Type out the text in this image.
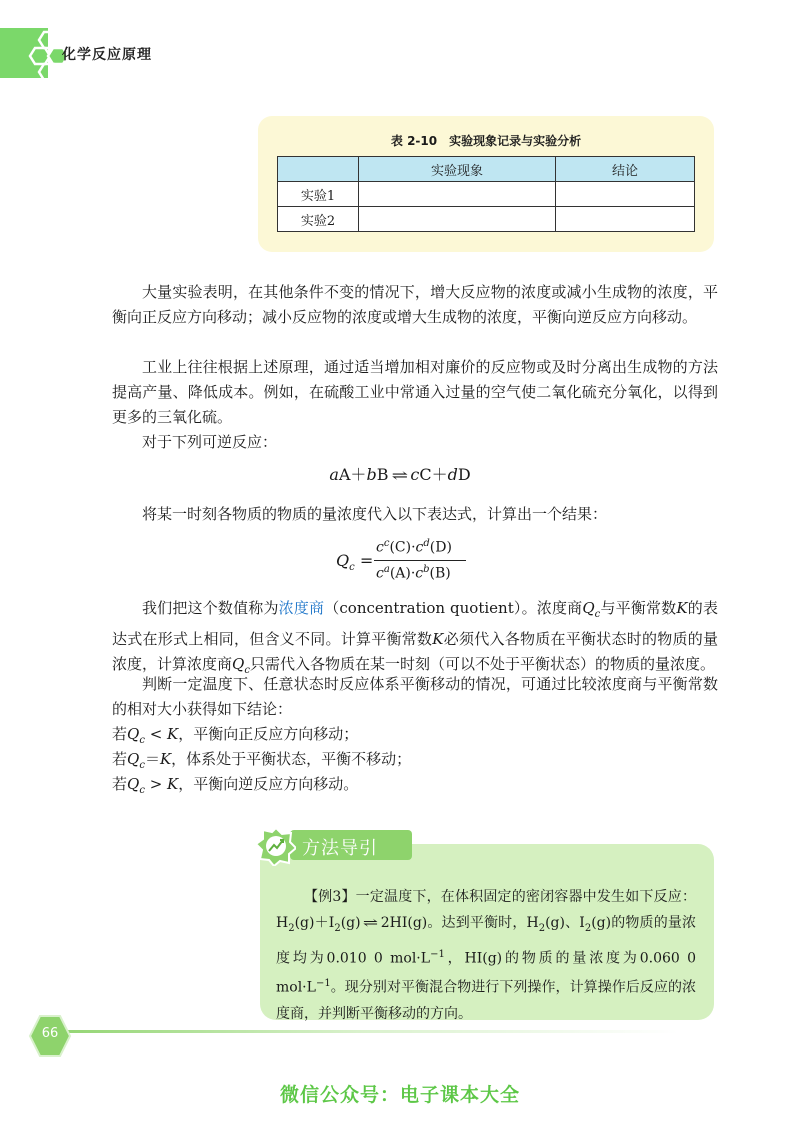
化学反应原理
表 2-10　实验现象记录与实验分析
	实验现象	结论
实验1		
实验2		
大量实验表明，在其他条件不变的情况下，增大反应物的浓度或减小生成物的浓度，平衡向正反应方向移动；减小反应物的浓度或增大生成物的浓度，平衡向逆反应方向移动。
工业上往往根据上述原理，通过适当增加相对廉价的反应物或及时分离出生成物的方法提高产量、降低成本。例如，在硫酸工业中常通入过量的空气使二氧化硫充分氧化，以得到更多的三氧化硫。
对于下列可逆反应：
aA＋bB ⇌ cC＋dD
将某一时刻各物质的物质的量浓度代入以下表达式，计算出一个结果：
$Q_c$ =
$c^c(C)\cdot c^d(D)$
$c^a(A)\cdot c^b(B)$
我们把这个数值称为浓度商（concentration quotient）。浓度商$Q_c$与平衡常数K的表达式在形式上相同，但含义不同。计算平衡常数K必须代入各物质在平衡状态时的物质的量浓度，计算浓度商$Q_c$只需代入各物质在某一时刻（可以不处于平衡状态）的物质的量浓度。
判断一定温度下、任意状态时反应体系平衡移动的情况，可通过比较浓度商与平衡常数的相对大小获得如下结论：
若$Q_c < K$，平衡向正反应方向移动；
若$Q_c=K$，体系处于平衡状态，平衡不移动；
若$Q_c > K$，平衡向逆反应方向移动。
方法导引
【例3】一定温度下，在体积固定的密闭容器中发生如下反应：$H_2(g)+I_2(g)$ ⇌ 2HI(g)。达到平衡时，$H_2(g)$、$I_2(g)$的物质的量浓度均为0.010 0 $mol\cdot L^{-1}$，HI(g)的物质的量浓度为0.060 0 $mol\cdot L^{-1}$。现分别对平衡混合物进行下列操作，计算操作后反应的浓度商，并判断平衡移动的方向。
66
微信公众号：电子课本大全
